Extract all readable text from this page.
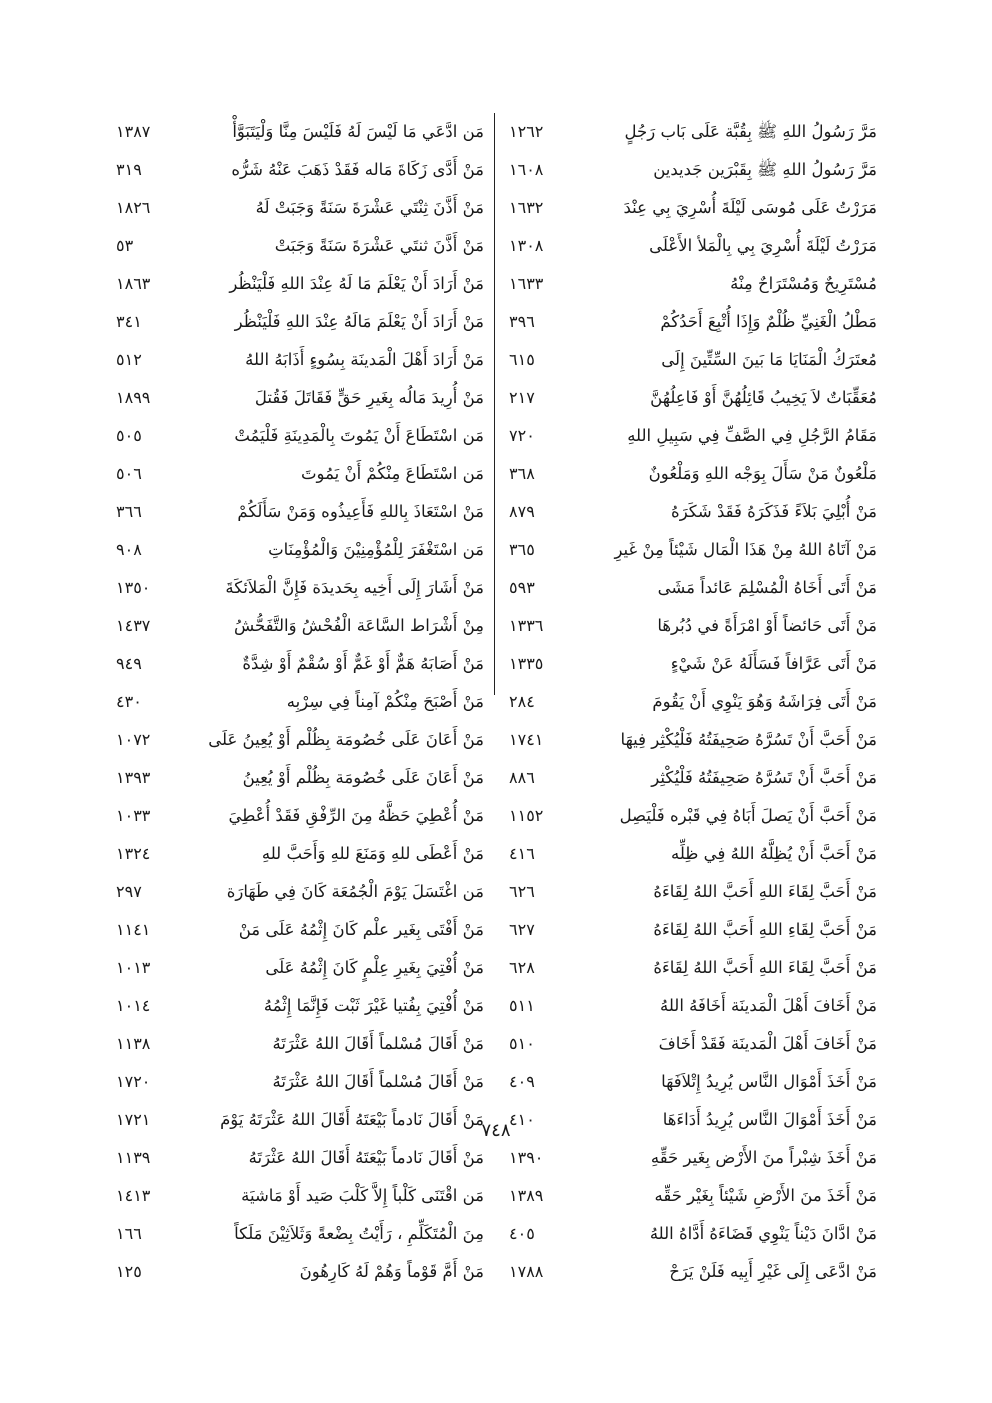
مَرَّ رَسُولُ اللهِ ﷺ بِقُبَّة عَلَى بَاب رَجُلٍ
١٢٦٢
مَرَّ رَسُولُ اللهِ ﷺ بِقَبْرَين جَديدين
١٦٠٨
مَرَرْتُ عَلَى مُوسَى لَيْلَةَ أُسْرِيَ بِي عِنْدَ
١٦٣٢
مَرَرْتُ لَيْلَةَ أُسْرِيَ بِي بِالْمَلأ الأَعْلَى
١٣٠٨
مُسْتَرِيحٌ وَمُسْتَرَاحٌ مِنْهُ
١٦٣٣
مَطْلُ الْغَنِيِّ ظُلْمٌ وَإِذَا أُتْبِعَ أَحَدُكُمْ
٣٩٦
مُعتَرَكُ الْمَنَايَا مَا بَينَ السِّتِّينَ إِلَى
٦١٥
مُعَقِّبَاتٌ لاَ يَخِيبُ قَائِلُهُنَّ أَوْ فَاعِلُهُنَّ
٢١٧
مَقَامُ الرَّجُلِ فِي الصَّفِّ فِي سَبِيلِ اللهِ
٧٢٠
مَلْعُونٌ مَنْ سَأَلَ بِوَجْه اللهِ وَمَلْعُونٌ
٣٦٨
مَنْ أُبْلِيَ بَلاَءً فَذَكَرَهُ فَقَدْ شَكَرَهُ
٨٧٩
مَنْ آتَاهُ اللهُ مِنْ هَذَا الْمَال شَيْئاً مِنْ غَيرِ
٣٦٥
مَنْ أَتَى أَخَاهُ الْمُسْلِمَ عَائداً مَشَى
٥٩٣
مَنْ أَتَى حَائضاً أَوْ امْرَأَةً في دُبُرهَا
١٣٣٦
مَنْ أَتَى عَرَّافاً فَسَأَلَهُ عَنْ شَيْءٍ
١٣٣٥
مَنْ أَتَى فِرَاشَهُ وَهُوَ يَنْوِي أَنْ يَقُومَ
٢٨٤
مَنْ أَحَبَّ أَنْ تَسُرَّهُ صَحِيفَتُهُ فَلْيُكْثِر فِيهَا
١٧٤١
مَنْ أَحَبَّ أَنْ تَسُرَّهُ صَحِيفَتُهُ فَلْيُكْثِر
٨٨٦
مَنْ أَحَبَّ أَنْ يَصلَ أَبَاهُ فِي قَبْره فَلْيَصِل
١١٥٢
مَنْ أَحَبَّ أَنْ يُظِلَّهُ اللهُ فِي ظِلِّه
٤١٦
مَنْ أَحَبَّ لِقَاءَ اللهِ أَحَبَّ اللهُ لِقَاءَهُ
٦٢٦
مَنْ أَحَبَّ لِقَاءِ اللهِ أَحَبَّ اللهُ لِقَاءَهُ
٦٢٧
مَنْ أَحَبَّ لِقَاءَ اللهِ أَحَبَّ اللهُ لِقَاءَهُ
٦٢٨
مَنْ أَخَافَ أَهْلَ الْمَدينَة أَخَافَهُ اللهُ
٥١١
مَنْ أَخَافَ أَهْلَ الْمَدينَة فَقَدْ أَخَافَ
٥١٠
مَنْ أَخَذَ أَمْوَال النَّاس يُرِيدُ إِتْلاَفَهَا
٤٠٩
مَنْ أَخَذَ أَمْوَالَ النَّاس يُرِيدُ أَدَاءَهَا
٤١٠
مَنْ أَخَذَ شِبْراً منَ الأَرْض بِغَير حَقِّهِ
١٣٩٠
مَنْ أَخَذَ منَ الأَرْضِ شَيْئاً بِغَيْر حَقِّه
١٣٨٩
مَنْ ادَّانَ دَيْناً يَنْوِي قَضَاءَهُ أَدَّاهُ اللهُ
٤٠٥
مَنْ ادَّعَى إِلَى غَيْرِ أَبِيه فَلَنْ يَرَحْ
١٧٨٨
مَن ادَّعَي مَا لَيْسَ لَهُ فَلَيْسَ مِنَّا وَلْيَتَبَوَّأْ
١٣٨٧
مَنْ أَدَّى زَكَاةَ مَاله فَقَدْ ذَهَبَ عَنْهُ شَرُّه
٣١٩
مَنْ أَذَّنَ ثِنْتَي عَشْرَةَ سَنَةً وَجَبَتْ لَهُ
١٨٢٦
مَنْ أَذَّنَ ثنتَي عَشْرَةَ سَنَةً وَجَبَتْ
٥٣
مَنْ أَرَادَ أَنْ يَعْلَمَ مَا لَهُ عِنْدَ اللهِ فَلْيَنْظُر
١٨٦٣
مَنْ أَرَادَ أَنْ يَعْلَمَ مَالَهُ عِنْدَ اللهِ فَلْيَنْظُر
٣٤١
مَنْ أَرَادَ أَهْلَ الْمَدينَة بِسُوءٍ أَذَابَهُ اللهُ
٥١٢
مَنْ أُرِيدَ مَالُه بِغَيرِ حَقٍّ فَقَاتَلَ فَقُتلَ
١٨٩٩
مَن اسْتَطَاعَ أَنْ يَمُوتَ بِالْمَدِينَةِ فَلْيَمُتْ
٥٠٥
مَن اسْتَطَاعَ مِنْكُمْ أَنْ يَمُوتَ
٥٠٦
مَنْ اسْتَعَاذَ بِاللهِ فَأَعِيذُوه وَمَنْ سَأَلَكُمْ
٣٦٦
مَن اسْتَغْفَرَ لِلْمُؤْمِنِيْنَ وَالْمُؤْمِنَاتِ
٩٠٨
مَنْ أَشَارَ إِلَى أَخِيه بِحَديدَة فَإِنَّ الْمَلاَئكَةَ
١٣٥٠
مِنْ أَشْرَاط السَّاعَة الْفُحْشُ وَالتَّفَحُّشُ
١٤٣٧
مَنْ أَصَابَهُ هَمٌّ أَوْ غَمٌّ أَوْ سُقْمٌ أَوْ شِدَّةٌ
٩٤٩
مَنْ أَصْبَحَ مِنْكُمْ آمِناً فِي سِرْبِه
٤٣٠
مَنْ أَعَانَ عَلَى خُصُومَة بِظُلْم أَوْ يُعِينُ عَلَى
١٠٧٢
مَنْ أَعَانَ عَلَى خُصُومَة بِظُلْم أَوْ يُعِينُ
١٣٩٣
مَنْ أُعْطِيَ حَظَّهُ مِنَ الرِّفْقِ فَقَدْ أُعْطِيَ
١٠٣٣
مَنْ أَعْطَى للهِ وَمَنَعَ للهِ وَأَحَبَّ للهِ
١٣٢٤
مَن اغْتَسَلَ يَوْمَ الْجُمُعَة كَانَ فِي طَهَارَة
٢٩٧
مَنْ أَفْتَى بِغَير علْم كَانَ إِثْمُهُ عَلَى مَنْ
١١٤١
مَنْ أُفْتِيَ بِغَيرِ عِلْمٍ كَانَ إِثْمُهُ عَلَى
١٠١٣
مَنْ أُفْتِيَ بِفُتيا غَيْرَ ثَبْت فَإِنَّمَا إِثْمُهُ
١٠١٤
مَنْ أَقَالَ مُسْلماً أَقَالَ اللهُ عَثْرَتَهُ
١١٣٨
مَنْ أَقَالَ مُسْلماً أَقَالَ اللهُ عَثْرَتَهُ
١٧٢٠
مَنْ أَقَالَ نَادماً بَيْعَتَهُ أَقَالَ اللهُ عَثْرَتَهُ يَوْمَ
١٧٢١
مَنْ أَقَالَ نَادماً بَيْعَتَهُ أَقَالَ اللهُ عَثْرَتَهُ
١١٣٩
مَن اقْتَنَى كَلْباً إِلاَّ كَلْبَ صَيد أَوْ مَاشيَة
١٤١٣
مِنَ الْمُتَكَلِّمِ ، رَأَيْتُ بِضْعةً وَثَلاَثِيْنَ مَلَكاً
١٦٦
مَنْ أَمَّ قَوْماً وَهُمْ لَهُ كَارِهُونَ
١٢٥
٧٤٨
